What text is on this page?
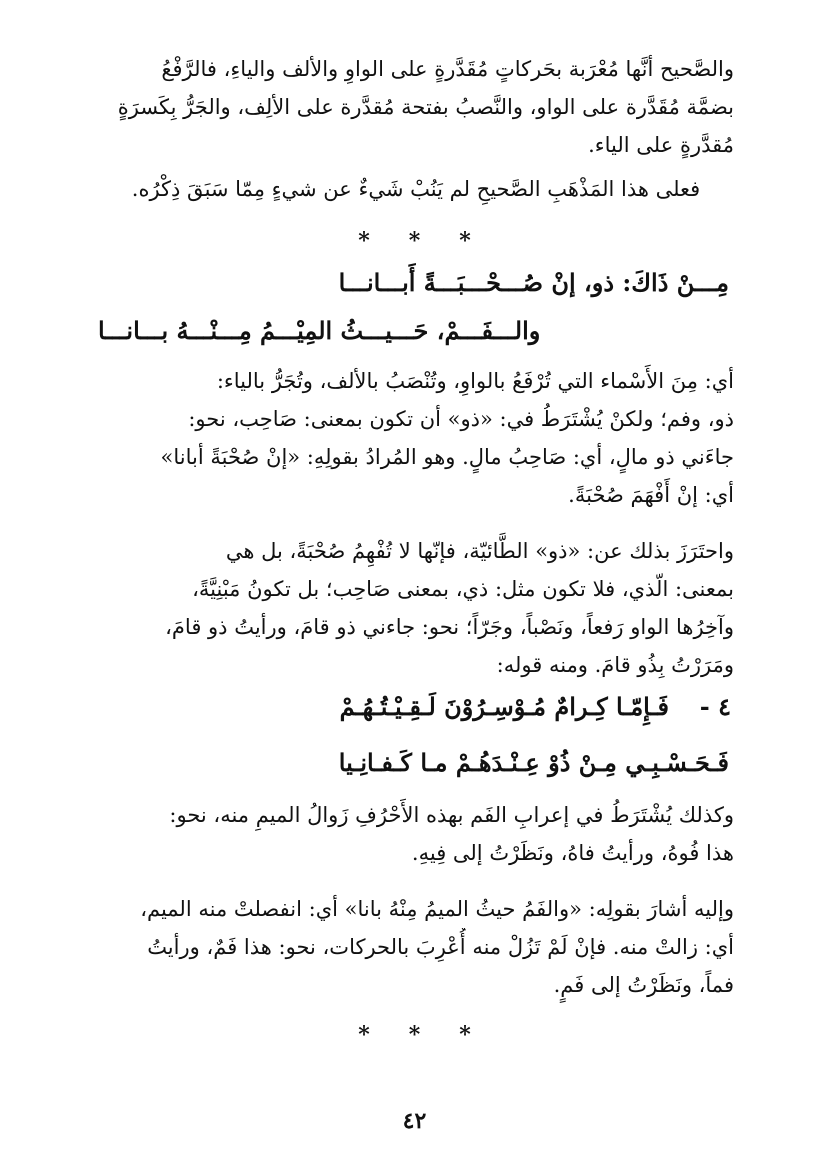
والصَّحيح أنَّها مُعْرَبة بحَركاتٍ مُقَدَّرةٍ على الواوِ والألف والياءِ، فالرَّفْعُ
بضمَّة مُقَدَّرة على الواو، والنَّصبُ بفتحة مُقدَّرة على الألِف، والجَرُّ بِكَسرَةٍ
مُقدَّرةٍ على الياء.
فعلى هذا المَذْهَبِ الصَّحيحِ لم يَنُبْ شَيءٌ عن شيءٍ مِمّا سَبَقَ ذِكْرُه.
* * *
مِـــنْ ذَاكَ: ذو، إنْ صُـــحْـــبَـــةً أَبـــانـــا
والـــفَـــمْ، حَـــيـــثُ المِيْـــمُ مِـــنْـــهُ بـــانـــا
أي: مِنَ الأَسْماء التي تُرْفَعُ بالواوِ، وتُنْصَبُ بالألف، وتُجَرُّ بالياء:
ذو، وفم؛ ولكنْ يُشْتَرَطُ في: «ذو» أن تكون بمعنى: صَاحِب، نحو:
جاءَني ذو مالٍ، أي: صَاحِبُ مالٍ. وهو المُرادُ بقولِهِ: «إنْ صُحْبَةً أبانا»
أي: إنْ أَفْهَمَ صُحْبَةً.
واحتَرَزَ بذلك عن: «ذو» الطَّائيّة، فإنّها لا تُفْهِمُ صُحْبَةً، بل هي
بمعنى: الّذي، فلا تكون مثل: ذي، بمعنى صَاحِب؛ بل تكونُ مَبْنِيَّةً،
وآخِرُها الواو رَفعاً، ونَصْباً، وجَرّاً؛ نحو: جاءني ذو قامَ، ورأيتُ ذو قامَ،
ومَرَرْتُ بِذُو قامَ. ومنه قوله:
٤ -
فَـإِمّـا كِـرامٌ مُـوْسِـرُوْنَ لَـقِـيْـتُـهُـمْ
فَـحَـسْـبِـي مِـنْ ذُوْ عِـنْـدَهُـمْ مـا كَـفـانِـيا
وكذلك يُشْتَرَطُ في إعرابِ الفَم بهذه الأَحْرُفِ زَوالُ الميمِ منه، نحو:
هذا فُوهُ، ورأيتُ فاهُ، ونَظَرْتُ إلى فِيهِ.
وإليه أشارَ بقولِه: «والفَمُ حيثُ الميمُ مِنْهُ بانا» أي: انفصلتْ منه الميم،
أي: زالتْ منه. فإنْ لَمْ تَزُلْ منه أُعْرِبَ بالحركات، نحو: هذا فَمٌ، ورأيتُ
فماً، ونَظَرْتُ إلى فَمٍ.
* * *
٤٢
